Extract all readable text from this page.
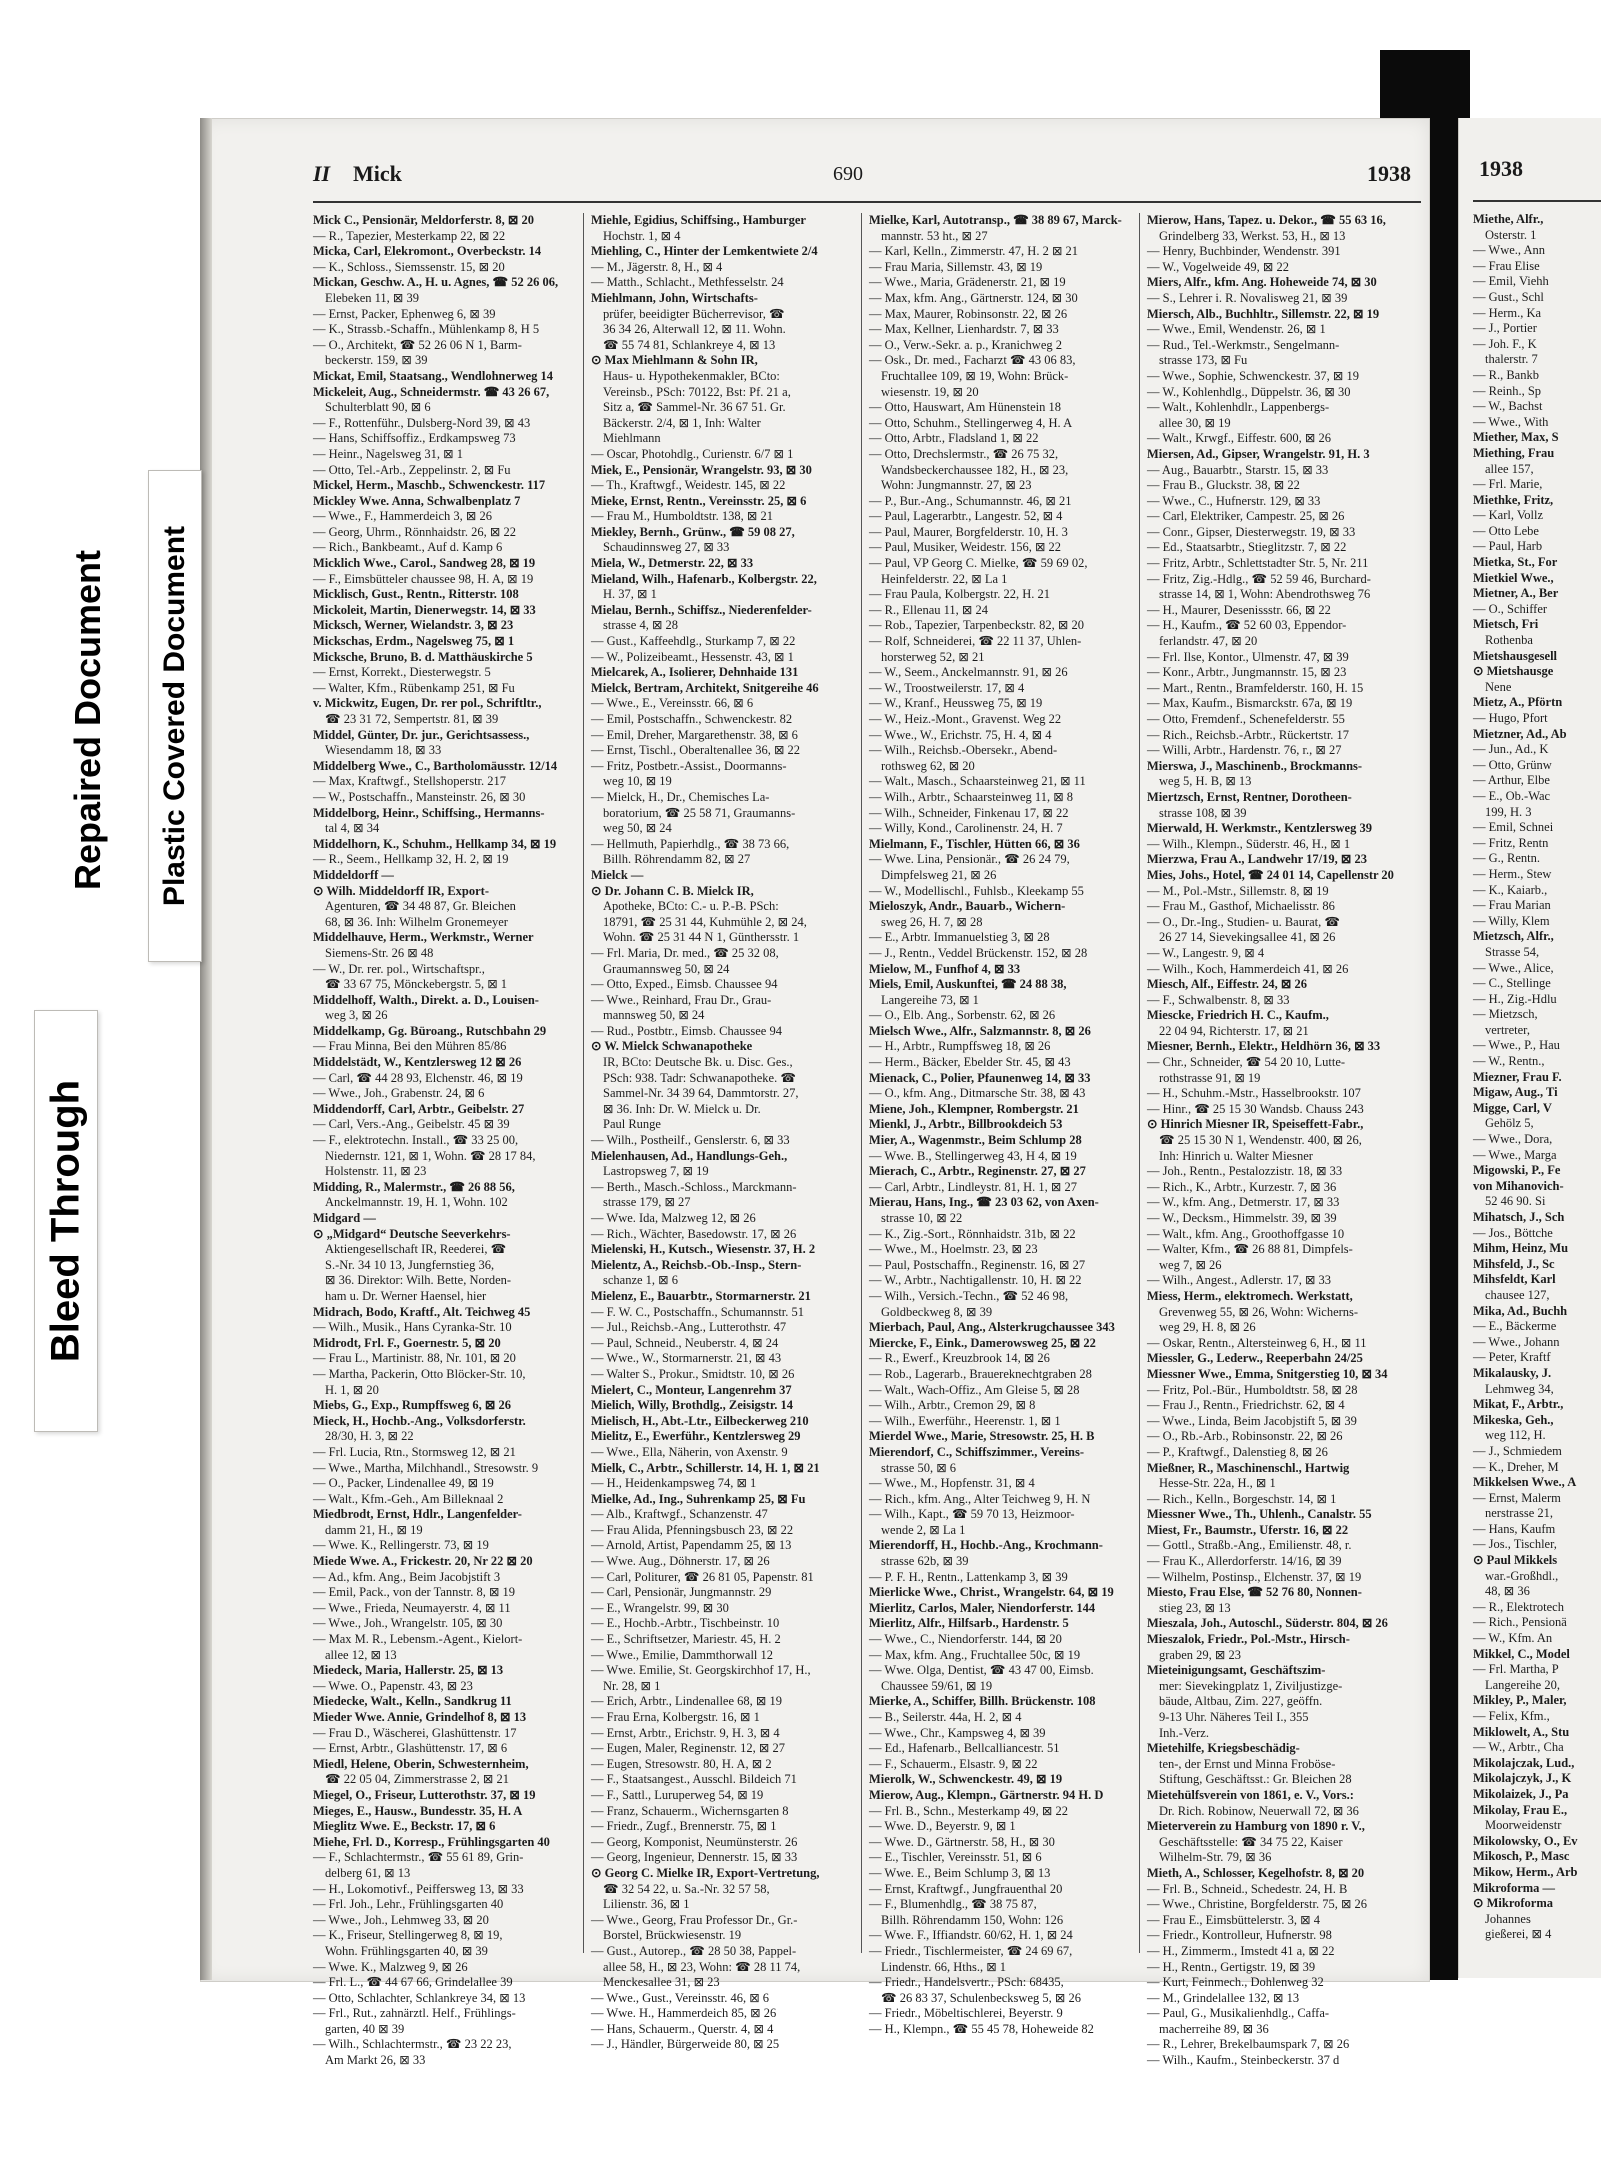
II Mick	690	1938

Mick C., Pensionär, Meldorferstr. 8, ⊠ 20

— R., Tapezier, Mesterkamp 22, ⊠ 22

Micka, Carl, Elekromont., Overbeckstr. 14

— K., Schloss., Siemssenstr. 15, ⊠ 20

Mickan, Geschw. A., H. u. Agnes, ☎ 52 26 06,

Elebeken 11, ⊠ 39

— Ernst, Packer, Ephenweg 6, ⊠ 39

— K., Strassb.-Schaffn., Mühlenkamp 8, H 5

— O., Architekt, ☎ 52 26 06 N 1, Barm-

beckerstr. 159, ⊠ 39

Mickat, Emil, Staatsang., Wendlohnerweg 14

Mickeleit, Aug., Schneidermstr. ☎ 43 26 67,

Schulterblatt 90, ⊠ 6

— F., Rottenführ., Dulsberg-Nord 39, ⊠ 43

— Hans, Schiffsoffiz., Erdkampsweg 73

— Heinr., Nagelsweg 31, ⊠ 1

— Otto, Tel.-Arb., Zeppelinstr. 2, ⊠ Fu

Mickel, Herm., Maschb., Schwenckestr. 117

Mickley Wwe. Anna, Schwalbenplatz 7

— Wwe., F., Hammerdeich 3, ⊠ 26

— Georg, Uhrm., Rönnhaidstr. 26, ⊠ 22

— Rich., Bankbeamt., Auf d. Kamp 6

Micklich Wwe., Carol., Sandweg 28, ⊠ 19

— F., Eimsbütteler chaussee 98, H. A, ⊠ 19

Micklisch, Gust., Rentn., Ritterstr. 108

Mickoleit, Martin, Dienerwegstr. 14, ⊠ 33

Micksch, Werner, Wielandstr. 3, ⊠ 23

Mickschas, Erdm., Nagelsweg 75, ⊠ 1

Micksche, Bruno, B. d. Matthäuskirche 5

— Ernst, Korrekt., Diesterwegstr. 5

— Walter, Kfm., Rübenkamp 251, ⊠ Fu

v. Mickwitz, Eugen, Dr. rer pol., Schriftltr.,

☎ 23 31 72, Sempertstr. 81, ⊠ 39

Middel, Günter, Dr. jur., Gerichtsassess.,

Wiesendamm 18, ⊠ 33

Middelberg Wwe., C., Bartholomäusstr. 12/14

— Max, Kraftwgf., Stellshoperstr. 217

— W., Postschaffn., Mansteinstr. 26, ⊠ 30

Middelborg, Heinr., Schiffsing., Hermanns-

tal 4, ⊠ 34

Middelhorn, K., Schuhm., Hellkamp 34, ⊠ 19

— R., Seem., Hellkamp 32, H. 2, ⊠ 19

Middeldorff —

⊙ Wilh. Middeldorff IR, Export-

Agenturen, ☎ 34 48 87, Gr. Bleichen

68, ⊠ 36. Inh: Wilhelm Gronemeyer

Middelhauve, Herm., Werkmstr., Werner

Siemens-Str. 26 ⊠ 48

— W., Dr. rer. pol., Wirtschaftspr.,

☎ 33 67 75, Mönckebergstr. 5, ⊠ 1

Middelhoff, Walth., Direkt. a. D., Louisen-

weg 3, ⊠ 26

Middelkamp, Gg. Büroang., Rutschbahn 29

— Frau Minna, Bei den Mühren 85/86

Middelstädt, W., Kentzlersweg 12 ⊠ 26

— Carl, ☎ 44 28 93, Elchenstr. 46, ⊠ 19

— Wwe., Joh., Grabenstr. 24, ⊠ 6

Middendorff, Carl, Arbtr., Geibelstr. 27

— Carl, Vers.-Ang., Geibelstr. 45 ⊠ 39

— F., elektrotechn. Install., ☎ 33 25 00,

Niedernstr. 121, ⊠ 1, Wohn. ☎ 28 17 84,

Holstenstr. 11, ⊠ 23

Midding, R., Malermstr., ☎ 26 88 56,

Anckelmannstr. 19, H. 1, Wohn. 102

Midgard —

⊙ „Midgard“ Deutsche Seeverkehrs-

Aktiengesellschaft IR, Reederei, ☎

S.-Nr. 34 10 13, Jungfernstieg 36,

⊠ 36. Direktor: Wilh. Bette, Norden-

ham u. Dr. Werner Haensel, hier

Midrach, Bodo, Kraftf., Alt. Teichweg 45

— Wilh., Musik., Hans Cyranka-Str. 10

Midrodt, Frl. F., Goernestr. 5, ⊠ 20

— Frau L., Martinistr. 88, Nr. 101, ⊠ 20

— Martha, Packerin, Otto Blöcker-Str. 10,

H. 1, ⊠ 20

Miebs, G., Exp., Rumpffsweg 6, ⊠ 26

Mieck, H., Hochb.-Ang., Volksdorferstr.

28/30, H. 3, ⊠ 22

— Frl. Lucia, Rtn., Stormsweg 12, ⊠ 21

— Wwe., Martha, Milchhandl., Stresowstr. 9

— O., Packer, Lindenallee 49, ⊠ 19

— Walt., Kfm.-Geh., Am Billeknaal 2

Miedbrodt, Ernst, Hdlr., Langenfelder-

damm 21, H., ⊠ 19

— Wwe. K., Rellingerstr. 73, ⊠ 19

Miede Wwe. A., Frickestr. 20, Nr 22 ⊠ 20

— Ad., kfm. Ang., Beim Jacobjstift 3

— Emil, Pack., von der Tannstr. 8, ⊠ 19

— Wwe., Frieda, Neumayerstr. 4, ⊠ 11

— Wwe., Joh., Wrangelstr. 105, ⊠ 30

— Max M. R., Lebensm.-Agent., Kielort-

allee 12, ⊠ 13

Miedeck, Maria, Hallerstr. 25, ⊠ 13

— Wwe. O., Papenstr. 43, ⊠ 23

Miedecke, Walt., Kelln., Sandkrug 11

Mieder Wwe. Annie, Grindelhof 8, ⊠ 13

— Frau D., Wäscherei, Glashüttenstr. 17

— Ernst, Arbtr., Glashüttenstr. 17, ⊠ 6

Miedl, Helene, Oberin, Schwesternheim,

☎ 22 05 04, Zimmerstrasse 2, ⊠ 21

Miegel, O., Friseur, Lutterothstr. 37, ⊠ 19

Mieges, E., Hausw., Bundesstr. 35, H. A

Mieglitz Wwe. E., Beckstr. 17, ⊠ 6

Miehe, Frl. D., Korresp., Frühlingsgarten 40

— F., Schlachtermstr., ☎ 55 61 89, Grin-

delberg 61, ⊠ 13

— H., Lokomotivf., Peiffersweg 13, ⊠ 33

— Frl. Joh., Lehr., Frühlingsgarten 40

— Wwe., Joh., Lehmweg 33, ⊠ 20

— K., Friseur, Stellingerweg 8, ⊠ 19,

Wohn. Frühlingsgarten 40, ⊠ 39

— Wwe. K., Malzweg 9, ⊠ 26

— Frl. L., ☎ 44 67 66, Grindelallee 39

— Otto, Schlachter, Schlankreye 34, ⊠ 13

— Frl., Rut., zahnärztl. Helf., Frühlings-

garten, 40 ⊠ 39

— Wilh., Schlachtermstr., ☎ 23 22 23,

Am Markt 26, ⊠ 33

Miehle, Egidius, Schiffsing., Hamburger

Hochstr. 1, ⊠ 4

Miehling, C., Hinter der Lemkentwiete 2/4

— M., Jägerstr. 8, H., ⊠ 4

— Matth., Schlacht., Methfesselstr. 24

Miehlmann, John, Wirtschafts-

prüfer, beeidigter Bücherrevisor, ☎

36 34 26, Alterwall 12, ⊠ 11. Wohn.

☎ 55 74 81, Schlankreye 4, ⊠ 13

⊙ Max Miehlmann & Sohn IR,

Haus- u. Hypothekenmakler, BCto:

Vereinsb., PSch: 70122, Bst: Pf. 21 a,

Sitz a, ☎ Sammel-Nr. 36 67 51. Gr.

Bäckerstr. 2/4, ⊠ 1, Inh: Walter

Miehlmann

— Oscar, Photohdlg., Curienstr. 6/7 ⊠ 1

Miek, E., Pensionär, Wrangelstr. 93, ⊠ 30

— Th., Kraftwgf., Weidestr. 145, ⊠ 22

Mieke, Ernst, Rentn., Vereinsstr. 25, ⊠ 6

— Frau M., Humboldtstr. 138, ⊠ 21

Miekley, Bernh., Grünw., ☎ 59 08 27,

Schaudinnsweg 27, ⊠ 33

Miela, W., Detmerstr. 22, ⊠ 33

Mieland, Wilh., Hafenarb., Kolbergstr. 22,

H. 37, ⊠ 1

Mielau, Bernh., Schiffsz., Niederenfelder-

strasse 4, ⊠ 28

— Gust., Kaffeehdlg., Sturkamp 7, ⊠ 22

— W., Polizeibeamt., Hessenstr. 43, ⊠ 1

Mielcarek, A., Isolierer, Dehnhaide 131

Mielck, Bertram, Architekt, Snitgereihe 46

— Wwe., E., Vereinsstr. 66, ⊠ 6

— Emil, Postschaffn., Schwenckestr. 82

— Emil, Dreher, Margarethenstr. 38, ⊠ 6

— Ernst, Tischl., Oberaltenallee 36, ⊠ 22

— Fritz, Postbetr.-Assist., Doormanns-

weg 10, ⊠ 19

— Mielck, H., Dr., Chemisches La-

boratorium, ☎ 25 58 71, Graumanns-

weg 50, ⊠ 24

— Hellmuth, Papierhdlg., ☎ 38 73 66,

Billh. Röhrendamm 82, ⊠ 27

Mielck —

⊙ Dr. Johann C. B. Mielck IR,

Apotheke, BCto: C.- u. P.-B. PSch:

18791, ☎ 25 31 44, Kuhmühle 2, ⊠ 24,

Wohn. ☎ 25 31 44 N 1, Günthersstr. 1

— Frl. Maria, Dr. med., ☎ 25 32 08,

Graumannsweg 50, ⊠ 24

— Otto, Exped., Eimsb. Chaussee 94

— Wwe., Reinhard, Frau Dr., Grau-

mannsweg 50, ⊠ 24

— Rud., Postbtr., Eimsb. Chaussee 94

⊙ W. Mielck Schwanapotheke

IR, BCto: Deutsche Bk. u. Disc. Ges.,

PSch: 938. Tadr: Schwanapotheke. ☎

Sammel-Nr. 34 39 64, Dammtorstr. 27,

⊠ 36. Inh: Dr. W. Mielck u. Dr.

Paul Runge

— Wilh., Postheilf., Genslerstr. 6, ⊠ 33

Mielenhausen, Ad., Handlungs-Geh.,

Lastropsweg 7, ⊠ 19

— Berth., Masch.-Schloss., Marckmann-

strasse 179, ⊠ 27

— Wwe. Ida, Malzweg 12, ⊠ 26

— Rich., Wächter, Basedowstr. 17, ⊠ 26

Mielenski, H., Kutsch., Wiesenstr. 37, H. 2

Mielentz, A., Reichsb.-Ob.-Insp., Stern-

schanze 1, ⊠ 6

Mielenz, E., Bauarbtr., Stormarnerstr. 21

— F. W. C., Postschaffn., Schumannstr. 51

— Jul., Reichsb.-Ang., Lutterothstr. 47

— Paul, Schneid., Neuberstr. 4, ⊠ 24

— Wwe., W., Stormarnerstr. 21, ⊠ 43

— Walter S., Prokur., Smidtstr. 10, ⊠ 26

Mielert, C., Monteur, Langenrehm 37

Mielich, Willy, Brothdlg., Zeisigstr. 14

Mielisch, H., Abt.-Ltr., Eilbeckerweg 210

Mielitz, E., Ewerführ., Kentzlersweg 29

— Wwe., Ella, Näherin, von Axenstr. 9

Mielk, C., Arbtr., Schillerstr. 14, H. 1, ⊠ 21

— H., Heidenkampsweg 74, ⊠ 1

Mielke, Ad., Ing., Suhrenkamp 25, ⊠ Fu

— Alb., Kraftwgf., Schanzenstr. 47

— Frau Alida, Pfenningsbusch 23, ⊠ 22

— Arnold, Artist, Papendamm 25, ⊠ 13

— Wwe. Aug., Döhnerstr. 17, ⊠ 26

— Carl, Politurer, ☎ 26 81 05, Papenstr. 81

— Carl, Pensionär, Jungmannstr. 29

— E., Wrangelstr. 99, ⊠ 30

— E., Hochb.-Arbtr., Tischbeinstr. 10

— E., Schriftsetzer, Mariestr. 45, H. 2

— Wwe., Emilie, Dammthorwall 12

— Wwe. Emilie, St. Georgskirchhof 17, H.,

Nr. 28, ⊠ 1

— Erich, Arbtr., Lindenallee 68, ⊠ 19

— Frau Erna, Kolbergstr. 16, ⊠ 1

— Ernst, Arbtr., Erichstr. 9, H. 3, ⊠ 4

— Eugen, Maler, Reginenstr. 12, ⊠ 27

— Eugen, Stresowstr. 80, H. A, ⊠ 2

— F., Staatsangest., Ausschl. Bildeich 71

— F., Sattl., Luruperweg 54, ⊠ 19

— Franz, Schauerm., Wichernsgarten 8

— Friedr., Zugf., Brennerstr. 75, ⊠ 1

— Georg, Komponist, Neumünsterstr. 26

— Georg, Ingenieur, Dennerstr. 15, ⊠ 33

⊙ Georg C. Mielke IR, Export-Vertretung,

☎ 32 54 22, u. Sa.-Nr. 32 57 58,

Lilienstr. 36, ⊠ 1

— Wwe., Georg, Frau Professor Dr., Gr.-

Borstel, Brückwiesenstr. 19

— Gust., Autorep., ☎ 28 50 38, Pappel-

allee 58, H., ⊠ 23, Wohn: ☎ 28 11 74,

Menckesallee 31, ⊠ 23

— Wwe., Gust., Vereinsstr. 46, ⊠ 6

— Wwe. H., Hammerdeich 85, ⊠ 26

— Hans, Schauerm., Querstr. 4, ⊠ 4

— J., Händler, Bürgerweide 80, ⊠ 25

Mielke, Karl, Autotransp., ☎ 38 89 67, Marck-

mannstr. 53 ht., ⊠ 27

— Karl, Kelln., Zimmerstr. 47, H. 2 ⊠ 21

— Frau Maria, Sillemstr. 43, ⊠ 19

— Wwe., Maria, Grädenerstr. 21, ⊠ 19

— Max, kfm. Ang., Gärtnerstr. 124, ⊠ 30

— Max, Maurer, Robinsonstr. 22, ⊠ 26

— Max, Kellner, Lienhardstr. 7, ⊠ 33

— O., Verw.-Sekr. a. p., Kranichweg 2

— Osk., Dr. med., Facharzt ☎ 43 06 83,

Fruchtallee 109, ⊠ 19, Wohn: Brück-

wiesenstr. 19, ⊠ 20

— Otto, Hauswart, Am Hünenstein 18

— Otto, Schuhm., Stellingerweg 4, H. A

— Otto, Arbtr., Fladsland 1, ⊠ 22

— Otto, Drechslermstr., ☎ 26 75 32,

Wandsbeckerchaussee 182, H., ⊠ 23,

Wohn: Jungmannstr. 27, ⊠ 23

— P., Bur.-Ang., Schumannstr. 46, ⊠ 21

— Paul, Lagerarbtr., Langestr. 52, ⊠ 4

— Paul, Maurer, Borgfelderstr. 10, H. 3

— Paul, Musiker, Weidestr. 156, ⊠ 22

— Paul, VP Georg C. Mielke, ☎ 59 69 02,

Heinfelderstr. 22, ⊠ La 1

— Frau Paula, Kolbergstr. 22, H. 21

— R., Ellenau 11, ⊠ 24

— Rob., Tapezier, Tarpenbeckstr. 82, ⊠ 20

— Rolf, Schneiderei, ☎ 22 11 37, Uhlen-

horsterweg 52, ⊠ 21

— W., Seem., Anckelmannstr. 91, ⊠ 26

— W., Troostweilerstr. 17, ⊠ 4

— W., Kranf., Heussweg 75, ⊠ 19

— W., Heiz.-Mont., Gravenst. Weg 22

— Wwe., W., Erichstr. 75, H. 4, ⊠ 4

— Wilh., Reichsb.-Obersekr., Abend-

rothsweg 62, ⊠ 20

— Walt., Masch., Schaarsteinweg 21, ⊠ 11

— Wilh., Arbtr., Schaarsteinweg 11, ⊠ 8

— Wilh., Schneider, Finkenau 17, ⊠ 22

— Willy, Kond., Carolinenstr. 24, H. 7

Mielmann, F., Tischler, Hütten 66, ⊠ 36

— Wwe. Lina, Pensionär., ☎ 26 24 79,

Dimpfelsweg 21, ⊠ 26

— W., Modellischl., Fuhlsb., Kleekamp 55

Mieloszyk, Andr., Bauarb., Wichern-

sweg 26, H. 7, ⊠ 28

— E., Arbtr. Immanuelstieg 3, ⊠ 28

— J., Rentn., Veddel Brückenstr. 152, ⊠ 28

Mielow, M., Funfhof 4, ⊠ 33

Miels, Emil, Auskunftei, ☎ 24 88 38,

Langereihe 73, ⊠ 1

— O., Elb. Ang., Sorbenstr. 62, ⊠ 26

Mielsch Wwe., Alfr., Salzmannstr. 8, ⊠ 26

— H., Arbtr., Rumpffsweg 18, ⊠ 26

— Herm., Bäcker, Ebelder Str. 45, ⊠ 43

Mienack, C., Polier, Pfaunenweg 14, ⊠ 33

— O., kfm. Ang., Ditmarsche Str. 38, ⊠ 43

Miene, Joh., Klempner, Rombergstr. 21

Mienkl, J., Arbtr., Billbrookdeich 53

Mier, A., Wagenmstr., Beim Schlump 28

— Wwe. B., Stellingerweg 43, H 4, ⊠ 19

Mierach, C., Arbtr., Reginenstr. 27, ⊠ 27

— Carl, Arbtr., Lindleystr. 81, H. 1, ⊠ 27

Mierau, Hans, Ing., ☎ 23 03 62, von Axen-

strasse 10, ⊠ 22

— K., Zig.-Sort., Rönnhaidstr. 31b, ⊠ 22

— Wwe., M., Hoelmstr. 23, ⊠ 23

— Paul, Postschaffn., Reginenstr. 16, ⊠ 27

— W., Arbtr., Nachtigallenstr. 10, H. ⊠ 22

— Wilh., Versich.-Techn., ☎ 52 46 98,

Goldbeckweg 8, ⊠ 39

Mierbach, Paul, Ang., Alsterkrugchaussee 343

Miercke, F., Eink., Damerowsweg 25, ⊠ 22

— R., Ewerf., Kreuzbrook 14, ⊠ 26

— Rob., Lagerarb., Brauereknechtgraben 28

— Walt., Wach-Offiz., Am Gleise 5, ⊠ 28

— Wilh., Arbtr., Cremon 29, ⊠ 8

— Wilh., Ewerführ., Heerenstr. 1, ⊠ 1

Mierdel Wwe., Marie, Stresowstr. 25, H. B

Mierendorf, C., Schiffszimmer., Vereins-

strasse 50, ⊠ 6

— Wwe., M., Hopfenstr. 31, ⊠ 4

— Rich., kfm. Ang., Alter Teichweg 9, H. N

— Wilh., Kapt., ☎ 59 70 13, Heizmoor-

wende 2, ⊠ La 1

Mierendorff, H., Hochb.-Ang., Krochmann-

strasse 62b, ⊠ 39

— P. F. H., Rentn., Lattenkamp 3, ⊠ 39

Mierlicke Wwe., Christ., Wrangelstr. 64, ⊠ 19

Mierlitz, Carlos, Maler, Niendorferstr. 144

Mierlitz, Alfr., Hilfsarb., Hardenstr. 5

— Wwe., C., Niendorferstr. 144, ⊠ 20

— Max, kfm. Ang., Fruchtallee 50c, ⊠ 19

— Wwe. Olga, Dentist, ☎ 43 47 00, Eimsb.

Chaussee 59/61, ⊠ 19

Mierke, A., Schiffer, Billh. Brückenstr. 108

— B., Seilerstr. 44a, H. 2, ⊠ 4

— Wwe., Chr., Kampsweg 4, ⊠ 39

— Ed., Hafenarb., Bellcalliancestr. 51

— F., Schauerm., Elsastr. 9, ⊠ 22

Mierolk, W., Schwenckestr. 49, ⊠ 19

Mierow, Aug., Klempn., Gärtnerstr. 94 H. D

— Frl. B., Schn., Mesterkamp 49, ⊠ 22

— Wwe. D., Beyerstr. 9, ⊠ 1

— Wwe. D., Gärtnerstr. 58, H., ⊠ 30

— E., Tischler, Vereinsstr. 51, ⊠ 6

— Wwe. E., Beim Schlump 3, ⊠ 13

— Ernst, Kraftwgf., Jungfrauenthal 20

— F., Blumenhdlg., ☎ 38 75 87,

Billh. Röhrendamm 150, Wohn: 126

— Wwe. F., Iffiandstr. 60/62, H. 1, ⊠ 24

— Friedr., Tischlermeister, ☎ 24 69 67,

Lindenstr. 66, Hths., ⊠ 1

— Friedr., Handelsvertr., PSch: 68435,

☎ 26 83 37, Schulenbecksweg 5, ⊠ 26

— Friedr., Möbeltischlerei, Beyerstr. 9

— H., Klempn., ☎ 55 45 78, Hoheweide 82

Mierow, Hans, Tapez. u. Dekor., ☎ 55 63 16,

Grindelberg 33, Werkst. 53, H., ⊠ 13

— Henry, Buchbinder, Wendenstr. 391

— W., Vogelweide 49, ⊠ 22

Miers, Alfr., kfm. Ang. Hoheweide 74, ⊠ 30

— S., Lehrer i. R. Novalisweg 21, ⊠ 39

Miersch, Alb., Buchhltr., Sillemstr. 22, ⊠ 19

— Wwe., Emil, Wendenstr. 26, ⊠ 1

— Rud., Tel.-Werkmstr., Sengelmann-

strasse 173, ⊠ Fu

— Wwe., Sophie, Schwenckestr. 37, ⊠ 19

— W., Kohlenhdlg., Düppelstr. 36, ⊠ 30

— Walt., Kohlenhdlr., Lappenbergs-

allee 30, ⊠ 19

— Walt., Krwgf., Eiffestr. 600, ⊠ 26

Miersen, Ad., Gipser, Wrangelstr. 91, H. 3

— Aug., Bauarbtr., Starstr. 15, ⊠ 33

— Frau B., Gluckstr. 38, ⊠ 22

— Wwe., C., Hufnerstr. 129, ⊠ 33

— Carl, Elektriker, Campestr. 25, ⊠ 26

— Conr., Gipser, Diesterwegstr. 19, ⊠ 33

— Ed., Staatsarbtr., Stieglitzstr. 7, ⊠ 22

— Fritz, Arbtr., Schlettstadter Str. 5, Nr. 211

— Fritz, Zig.-Hdlg., ☎ 52 59 46, Burchard-

strasse 14, ⊠ 1, Wohn: Abendrothsweg 76

— H., Maurer, Desenissstr. 66, ⊠ 22

— H., Kaufm., ☎ 52 60 03, Eppendor-

ferlandstr. 47, ⊠ 20

— Frl. Ilse, Kontor., Ulmenstr. 47, ⊠ 39

— Konr., Arbtr., Jungmannstr. 15, ⊠ 23

— Mart., Rentn., Bramfelderstr. 160, H. 15

— Max, Kaufm., Bismarckstr. 67a, ⊠ 19

— Otto, Fremdenf., Schenefelderstr. 55

— Rich., Reichsb.-Arbtr., Rückertstr. 17

— Willi, Arbtr., Hardenstr. 76, r., ⊠ 27

Mierswa, J., Maschinenb., Brockmanns-

weg 5, H. B, ⊠ 13

Miertzsch, Ernst, Rentner, Dorotheen-

strasse 108, ⊠ 39

Mierwald, H. Werkmstr., Kentzlersweg 39

— Wilh., Klempn., Süderstr. 46, H., ⊠ 1

Mierzwa, Frau A., Landwehr 17/19, ⊠ 23

Mies, Johs., Hotel, ☎ 24 01 14, Capellenstr 20

— M., Pol.-Mstr., Sillemstr. 8, ⊠ 19

— Frau M., Gasthof, Michaelisstr. 86

— O., Dr.-Ing., Studien- u. Baurat, ☎

26 27 14, Sievekingsallee 41, ⊠ 26

— W., Langestr. 9, ⊠ 4

— Wilh., Koch, Hammerdeich 41, ⊠ 26

Miesch, Alf., Eiffestr. 24, ⊠ 26

— F., Schwalbenstr. 8, ⊠ 33

Miescke, Friedrich H. C., Kaufm.,

22 04 94, Richterstr. 17, ⊠ 21

Miesner, Bernh., Elektr., Heldhörn 36, ⊠ 33

— Chr., Schneider, ☎ 54 20 10, Lutte-

rothstrasse 91, ⊠ 19

— H., Schuhm.-Mstr., Hasselbrookstr. 107

— Hinr., ☎ 25 15 30 Wandsb. Chauss 243

⊙ Hinrich Miesner IR, Speiseffett-Fabr.,

☎ 25 15 30 N 1, Wendenstr. 400, ⊠ 26,

Inh: Hinrich u. Walter Miesner

— Joh., Rentn., Pestalozzistr. 18, ⊠ 33

— Rich., K., Arbtr., Kurzestr. 7, ⊠ 36

— W., kfm. Ang., Detmerstr. 17, ⊠ 33

— W., Decksm., Himmelstr. 39, ⊠ 39

— Walt., kfm. Ang., Groothoffgasse 10

— Walter, Kfm., ☎ 26 88 81, Dimpfels-

weg 7, ⊠ 26

— Wilh., Angest., Adlerstr. 17, ⊠ 33

Miess, Herm., elektromech. Werkstatt,

Grevenweg 55, ⊠ 26, Wohn: Wicherns-

weg 29, H. 8, ⊠ 26

— Oskar, Rentn., Altersteinweg 6, H., ⊠ 11

Miessler, G., Lederw., Reeperbahn 24/25

Miessner Wwe., Emma, Snitgerstieg 10, ⊠ 34

— Fritz, Pol.-Bür., Humboldtstr. 58, ⊠ 28

— Frau J., Rentn., Friedrichstr. 62, ⊠ 4

— Wwe., Linda, Beim Jacobjstift 5, ⊠ 39

— O., Rb.-Arb., Robinsonstr. 22, ⊠ 26

— P., Kraftwgf., Dalenstieg 8, ⊠ 26

Mießner, R., Maschinenschl., Hartwig

Hesse-Str. 22a, H., ⊠ 1

— Rich., Kelln., Borgeschstr. 14, ⊠ 1

Miessner Wwe., Th., Uhlenh., Canalstr. 55

Miest, Fr., Baumstr., Uferstr. 16, ⊠ 22

— Gottl., Straßb.-Ang., Emilienstr. 48, r.

— Frau K., Allerdorferstr. 14/16, ⊠ 39

— Wilhelm, Postinsp., Elchenstr. 37, ⊠ 19

Miesto, Frau Else, ☎ 52 76 80, Nonnen-

stieg 23, ⊠ 13

Mieszala, Joh., Autoschl., Süderstr. 804, ⊠ 26

Mieszalok, Friedr., Pol.-Mstr., Hirsch-

graben 29, ⊠ 23

Mieteinigungsamt, Geschäftszim-

mer: Sievekingplatz 1, Ziviljustizge-

bäude, Altbau, Zim. 227, geöffn.

9-13 Uhr. Näheres Teil I., 355

Inh.-Verz.

Mietehilfe, Kriegsbeschädig-

ten-, der Ernst und Minna Froböse-

Stiftung, Geschäftsst.: Gr. Bleichen 28

Mietehülfsverein von 1861, e. V., Vors.:

Dr. Rich. Robinow, Neuerwall 72, ⊠ 36

Mieterverein zu Hamburg von 1890 r. V.,

Geschäftsstelle: ☎ 34 75 22, Kaiser

Wilhelm-Str. 79, ⊠ 36

Mieth, A., Schlosser, Kegelhofstr. 8, ⊠ 20

— Frl. B., Schneid., Schedestr. 24, H. B

— Wwe., Christine, Borgfelderstr. 75, ⊠ 26

— Frau E., Eimsbüttelerstr. 3, ⊠ 4

— Friedr., Kontrolleur, Hufnerstr. 98

— H., Zimmerm., Imstedt 41 a, ⊠ 22

— H., Rentn., Gertigstr. 19, ⊠ 39

— Kurt, Feinmech., Dohlenweg 32

— M., Grindelallee 132, ⊠ 13

— Paul, G., Musikalienhdlg., Caffa-

macherreihe 89, ⊠ 36

— R., Lehrer, Brekelbaumspark 7, ⊠ 26

— Wilh., Kaufm., Steinbeckerstr. 37 d

1938

Miethe, Alfr.,

Osterstr. 1

— Wwe., Ann

— Frau Elise

— Emil, Viehh

— Gust., Schl

— Herm., Ka

— J., Portier

— Joh. F., K

thalerstr. 7

— R., Bankb

— Reinh., Sp

— W., Bachst

— Wwe., With

Miether, Max, S

Miething, Frau

allee 157,

— Frl. Marie,

Miethke, Fritz,

— Karl, Vollz

— Otto Lebe

— Paul, Harb

Mietka, St., For

Mietkiel Wwe.,

Mietner, A., Ber

— O., Schiffer

Mietsch, Fri

Rothenba

Mietshausgesell

⊙ Mietshausge

Nene

Mietz, A., Pförtn

— Hugo, Pfort

Mietzner, Ad., Ab

— Jun., Ad., K

— Otto, Grünw

— Arthur, Elbe

— E., Ob.-Wac

199, H. 3

— Emil, Schnei

— Fritz, Rentn

— G., Rentn.

— Herm., Stew

— K., Kaiarb.,

— Frau Marian

— Willy, Klem

Mietzsch, Alfr.,

Strasse 54,

— Wwe., Alice,

— C., Stellinge

— H., Zig.-Hdlu

— Mietzsch,

vertreter,

— Wwe., P., Hau

— W., Rentn.,

Miezner, Frau F.

Migaw, Aug., Ti

Migge, Carl, V

Gehölz 5,

— Wwe., Dora,

— Wwe., Marga

Migowski, P., Fe

von Mihanovich-

52 46 90. Si

Mihatsch, J., Sch

— Jos., Böttche

Mihm, Heinz, Mu

Mihsfeld, J., Sc

Mihsfeldt, Karl

chausee 127,

Mika, Ad., Buchh

— E., Bäckerme

— Wwe., Johann

— Peter, Kraftf

Mikalausky, J.

Lehmweg 34,

Mikat, F., Arbtr.,

Mikeska, Geh.,

weg 112, H.

— J., Schmiedem

— K., Dreher, M

Mikkelsen Wwe., A

— Ernst, Malerm

nerstrasse 21,

— Hans, Kaufm

— Jos., Tischler,

⊙ Paul Mikkels

war.-Großhdl.,

48, ⊠ 36

— R., Elektrotech

— Rich., Pensionä

— W., Kfm. An

Mikkel, C., Model

— Frl. Martha, P

Langereihe 20,

Mikley, P., Maler,

— Felix, Kfm.,

Miklowelt, A., Stu

— W., Arbtr., Cha

Mikolajczak, Lud.,

Mikolajczyk, J., K

Mikolaizek, J., Pa

Mikolay, Frau E.,

Moorweidenstr

Mikolowsky, O., Ev

Mikosch, P., Masc

Mikow, Herm., Arb

Mikroforma —

⊙ Mikroforma

Johannes

gießerei, ⊠ 4

Bleed Through
Repaired Document Plastic Covered Document
